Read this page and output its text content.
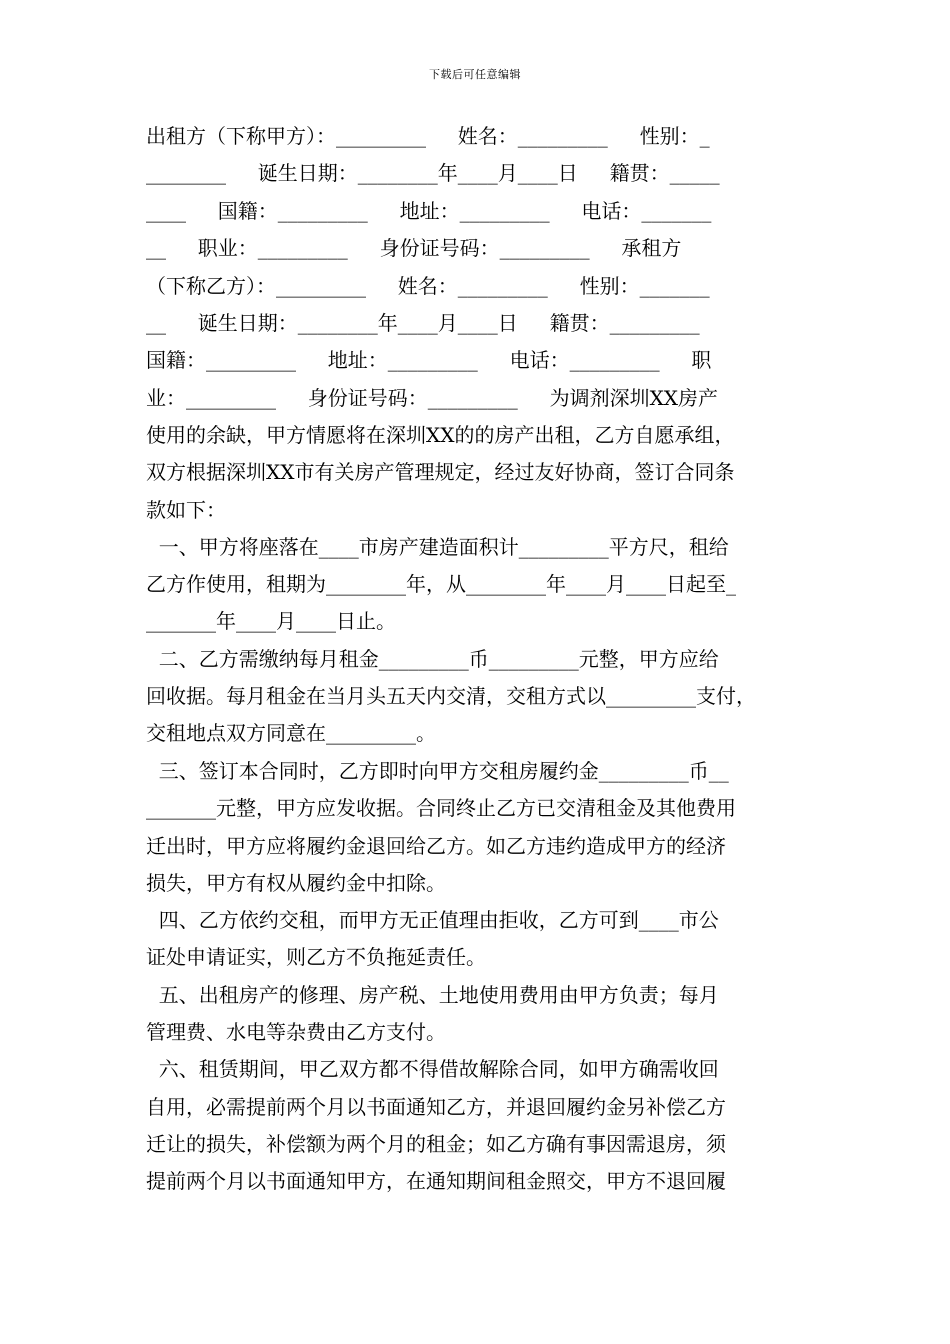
下载后可任意编辑
出租方（下称甲方）：_________     姓名：_________     性别：_
________     诞生日期：________年____月____日     籍贯：_____
____     国籍：_________     地址：_________     电话：_______
__     职业：_________     身份证号码：_________     承租方
（下称乙方）：_________     姓名：_________     性别：_______
__     诞生日期：________年____月____日     籍贯：_________
国籍：_________     地址：_________     电话：_________     职
业：_________     身份证号码：_________     为调剂深圳XX房产
使用的余缺，甲方情愿将在深圳XX的的房产出租，乙方自愿承组，
双方根据深圳XX市有关房产管理规定，经过友好协商，签订合同条
款如下：
一、甲方将座落在____市房产建造面积计_________平方尺，租给
乙方作使用，租期为________年，从________年____月____日起至_
_______年____月____日止。
二、乙方需缴纳每月租金_________币_________元整，甲方应给
回收据。每月租金在当月头五天内交清，交租方式以_________支付，
交租地点双方同意在_________。
三、签订本合同时，乙方即时向甲方交租房履约金_________币__
_______元整，甲方应发收据。合同终止乙方已交清租金及其他费用
迁出时，甲方应将履约金退回给乙方。如乙方违约造成甲方的经济
损失，甲方有权从履约金中扣除。
四、乙方依约交租，而甲方无正值理由拒收，乙方可到____市公
证处申请证实，则乙方不负拖延责任。
五、出租房产的修理、房产税、土地使用费用由甲方负责；每月
管理费、水电等杂费由乙方支付。
六、租赁期间，甲乙双方都不得借故解除合同，如甲方确需收回
自用，必需提前两个月以书面通知乙方，并退回履约金另补偿乙方
迁让的损失，补偿额为两个月的租金；如乙方确有事因需退房，须
提前两个月以书面通知甲方，在通知期间租金照交，甲方不退回履
